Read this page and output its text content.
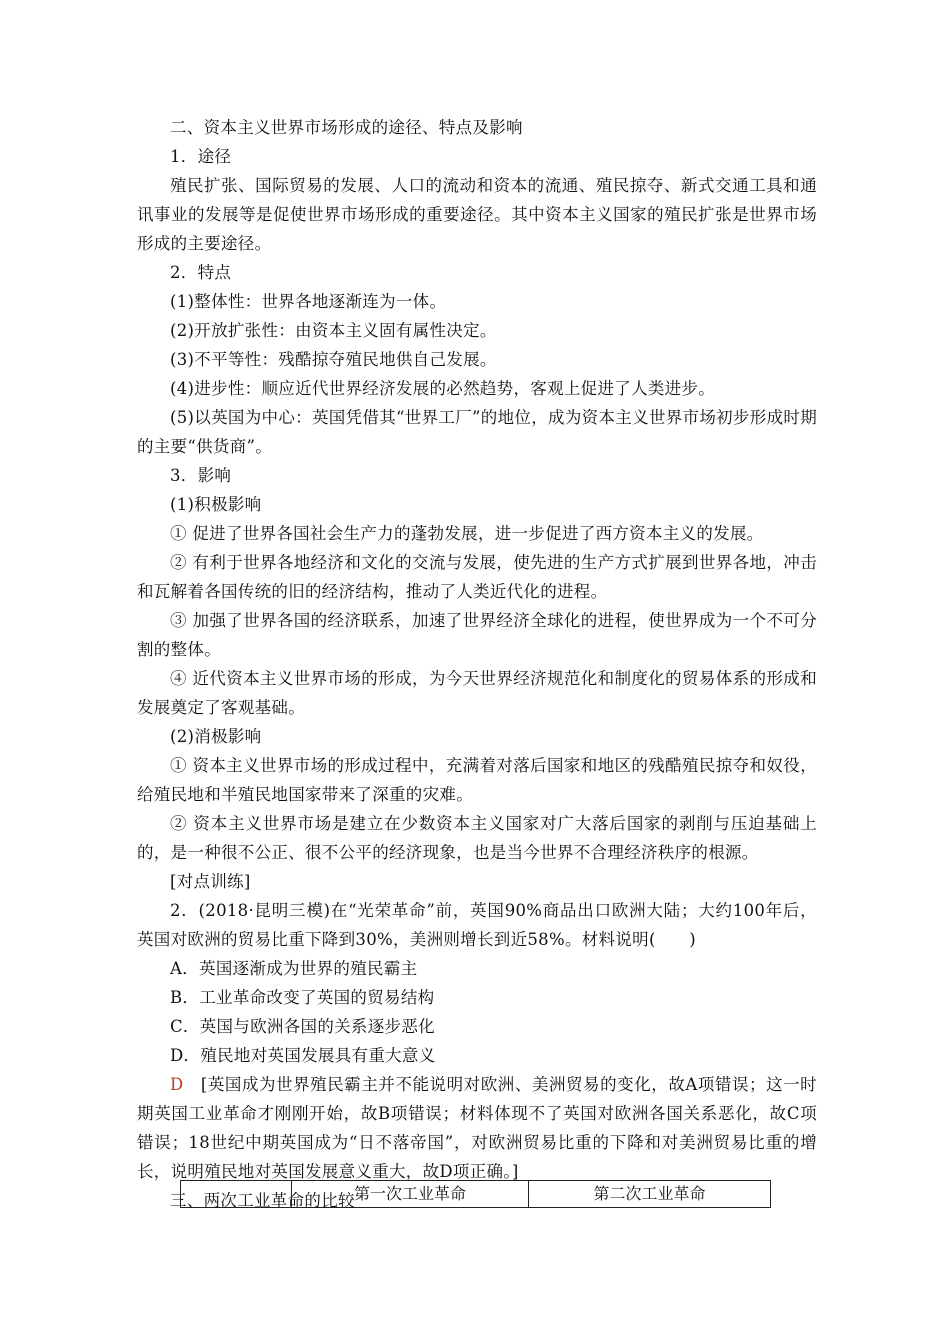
二、资本主义世界市场形成的途径、特点及影响

1．途径

殖民扩张、国际贸易的发展、人口的流动和资本的流通、殖民掠夺、新式交通工具和通讯事业的发展等是促使世界市场形成的重要途径。其中资本主义国家的殖民扩张是世界市场形成的主要途径。

2．特点

(1)整体性：世界各地逐渐连为一体。

(2)开放扩张性：由资本主义固有属性决定。

(3)不平等性：残酷掠夺殖民地供自己发展。

(4)进步性：顺应近代世界经济发展的必然趋势，客观上促进了人类进步。

(5)以英国为中心：英国凭借其“世界工厂”的地位，成为资本主义世界市场初步形成时期的主要“供货商”。

3．影响

(1)积极影响

① 促进了世界各国社会生产力的蓬勃发展，进一步促进了西方资本主义的发展。

② 有利于世界各地经济和文化的交流与发展，使先进的生产方式扩展到世界各地，冲击和瓦解着各国传统的旧的经济结构，推动了人类近代化的进程。

③ 加强了世界各国的经济联系，加速了世界经济全球化的进程，使世界成为一个不可分割的整体。

④ 近代资本主义世界市场的形成，为今天世界经济规范化和制度化的贸易体系的形成和发展奠定了客观基础。

(2)消极影响

① 资本主义世界市场的形成过程中，充满着对落后国家和地区的残酷殖民掠夺和奴役，给殖民地和半殖民地国家带来了深重的灾难。

② 资本主义世界市场是建立在少数资本主义国家对广大落后国家的剥削与压迫基础上的，是一种很不公正、很不公平的经济现象，也是当今世界不合理经济秩序的根源。

[对点训练]

2．(2018·昆明三模)在“光荣革命”前，英国90%商品出口欧洲大陆；大约100年后，英国对欧洲的贸易比重下降到30%，美洲则增长到近58%。材料说明(　　)

A．英国逐渐成为世界的殖民霸主

B．工业革命改变了英国的贸易结构

C．英国与欧洲各国的关系逐步恶化

D．殖民地对英国发展具有重大意义

D　[英国成为世界殖民霸主并不能说明对欧洲、美洲贸易的变化，故A项错误；这一时期英国工业革命才刚刚开始，故B项错误；材料体现不了英国对欧洲各国关系恶化，故C项错误；18世纪中期英国成为“日不落帝国”，对欧洲贸易比重的下降和对美洲贸易比重的增长，说明殖民地对英国发展意义重大，故D项正确。]

三、两次工业革命的比较

	第一次工业革命	第二次工业革命
